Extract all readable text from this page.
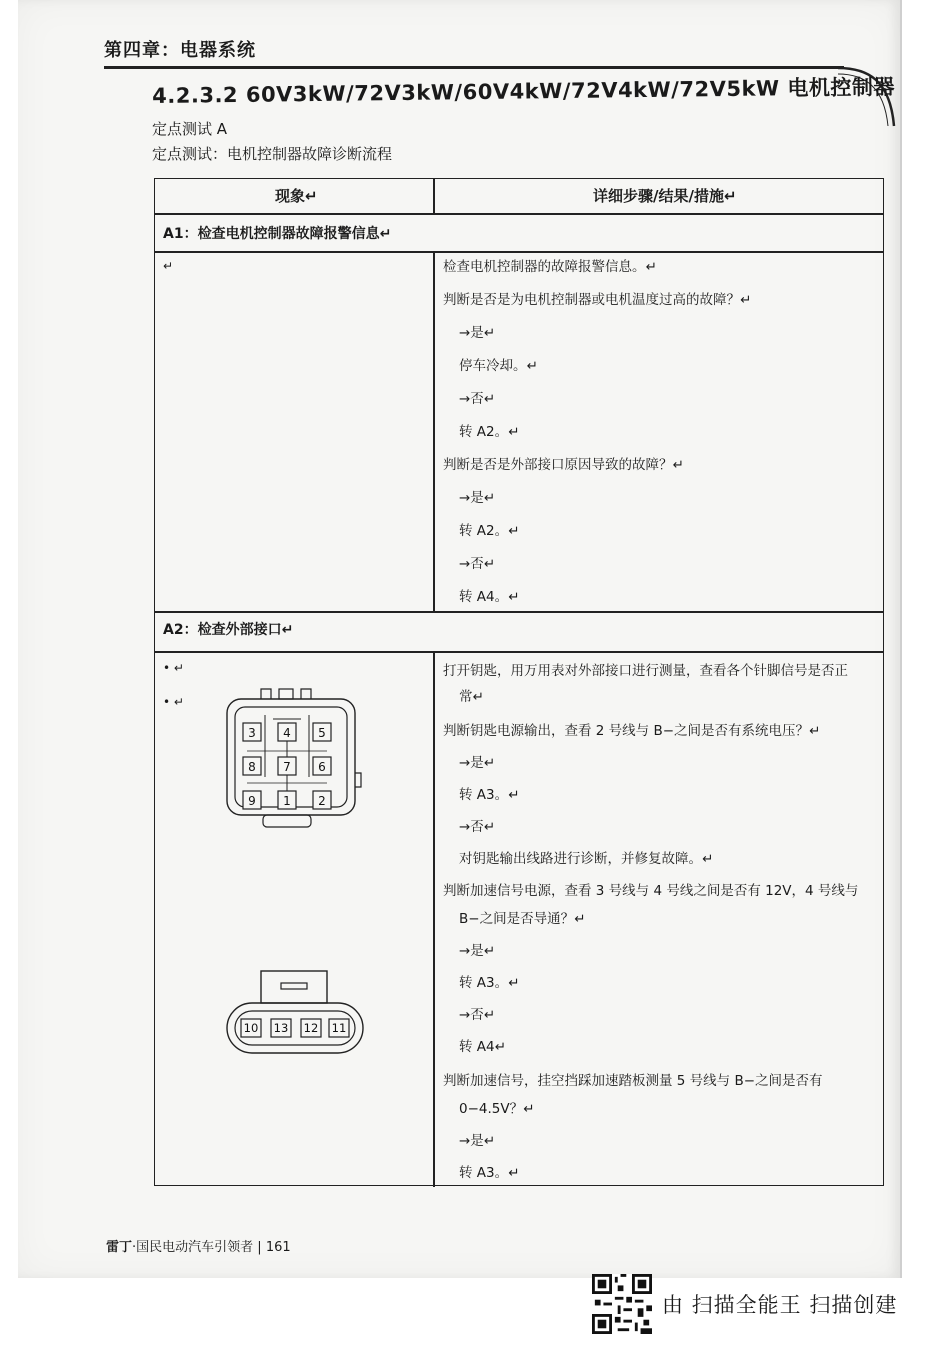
第四章：电器系统
4.2.3.2 60V3kW/72V3kW/60V4kW/72V4kW/72V5kW 电机控制器
定点测试 A
定点测试：电机控制器故障诊断流程
现象↵	详细步骤/结果/措施↵
A1：检查电机控制器故障报警信息↵
↵	检查电机控制器的故障报警信息。↵
判断是否是为电机控制器或电机温度过高的故障？↵
→是↵
停车冷却。↵
→否↵
转 A2。↵
判断是否是外部接口原因导致的故障？↵
→是↵
转 A2。↵
→否↵
转 A4。↵
A2：检查外部接口↵
• ↵
• ↵
3 4 5
8 7 6
9 1 2
10 13 12 11
打开钥匙，用万用表对外部接口进行测量，查看各个针脚信号是否正
常↵
判断钥匙电源输出，查看 2 号线与 B−之间是否有系统电压？↵
→是↵
转 A3。↵
→否↵
对钥匙输出线路进行诊断，并修复故障。↵
判断加速信号电源，查看 3 号线与 4 号线之间是否有 12V，4 号线与
B−之间是否导通？↵
→是↵
转 A3。↵
→否↵
转 A4↵
判断加速信号，挂空挡踩加速踏板测量 5 号线与 B−之间是否有
0−4.5V？↵
→是↵
转 A3。↵
雷丁·国民电动汽车引领者 | 161
由 扫描全能王 扫描创建
